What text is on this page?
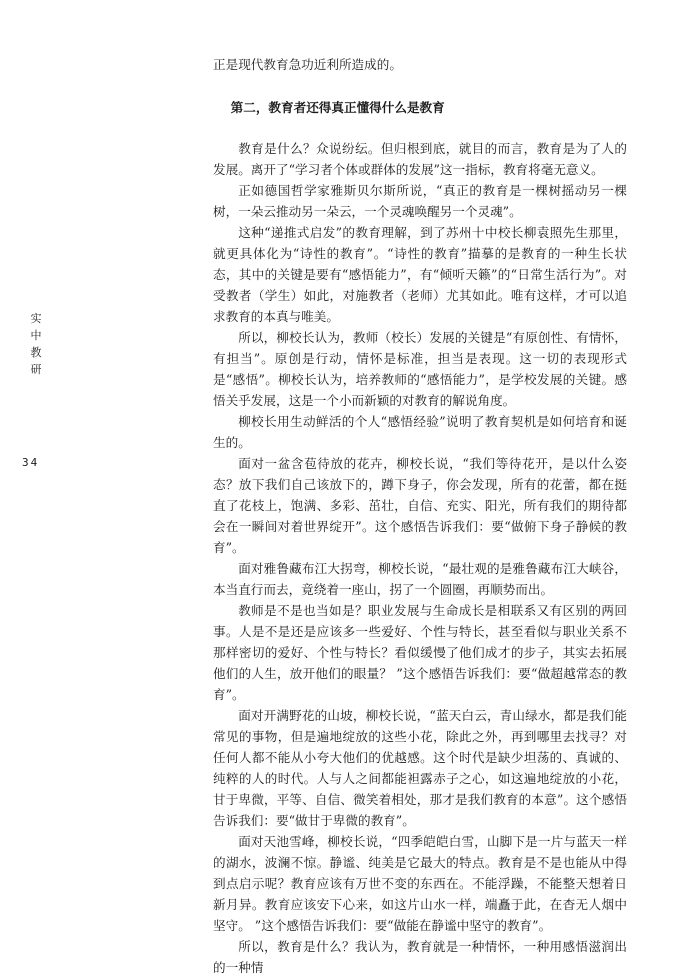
实
中
教
研
34

正是现代教育急功近利所造成的。

第二，教育者还得真正懂得什么是教育

教育是什么？众说纷纭。但归根到底，就目的而言，教育是为了人的发展。离开了“学习者个体或群体的发展”这一指标，教育将毫无意义。

正如德国哲学家雅斯贝尔斯所说，“真正的教育是一棵树摇动另一棵树，一朵云推动另一朵云，一个灵魂唤醒另一个灵魂”。

这种“递推式启发”的教育理解，到了苏州十中校长柳袁照先生那里，就更具体化为“诗性的教育”。“诗性的教育”描摹的是教育的一种生长状态，其中的关键是要有“感悟能力”，有“倾听天籁”的“日常生活行为”。对受教者（学生）如此，对施教者（老师）尤其如此。唯有这样，才可以追求教育的本真与唯美。

所以，柳校长认为，教师（校长）发展的关键是“有原创性、有情怀，有担当”。原创是行动，情怀是标准，担当是表现。这一切的表现形式是“感悟”。柳校长认为，培养教师的“感悟能力”，是学校发展的关键。感悟关乎发展，这是一个小而新颖的对教育的解说角度。

柳校长用生动鲜活的个人“感悟经验”说明了教育契机是如何培育和诞生的。

面对一盆含苞待放的花卉，柳校长说，“我们等待花开，是以什么姿态？放下我们自己该放下的，蹲下身子，你会发现，所有的花蕾，都在挺直了花枝上，饱满、多彩、茁壮，自信、充实、阳光，所有我们的期待都会在一瞬间对着世界绽开”。这个感悟告诉我们：要“做俯下身子静候的教育”。

面对雅鲁藏布江大拐弯，柳校长说，“最壮观的是雅鲁藏布江大峡谷，本当直行而去，竟绕着一座山，拐了一个圆圈，再顺势而出。

教师是不是也当如是？职业发展与生命成长是相联系又有区别的两回事。人是不是还是应该多一些爱好、个性与特长，甚至看似与职业关系不那样密切的爱好、个性与特长？看似缓慢了他们成才的步子，其实去拓展他们的人生，放开他们的眼量？ ”这个感悟告诉我们：要“做超越常态的教育”。

面对开满野花的山坡，柳校长说，“蓝天白云，青山绿水，都是我们能常见的事物，但是遍地绽放的这些小花，除此之外，再到哪里去找寻？对任何人都不能从小夸大他们的优越感。这个时代是缺少坦荡的、真诚的、纯粹的人的时代。人与人之间都能袒露赤子之心，如这遍地绽放的小花，甘于卑微，平等、自信、微笑着相处，那才是我们教育的本意”。这个感悟告诉我们：要“做甘于卑微的教育”。

面对天池雪峰，柳校长说，“四季皑皑白雪，山脚下是一片与蓝天一样的湖水，波澜不惊。静谧、纯美是它最大的特点。教育是不是也能从中得到点启示呢？教育应该有万世不变的东西在。不能浮躁，不能整天想着日新月异。教育应该安下心来，如这片山水一样，端矗于此，在杳无人烟中坚守。 ”这个感悟告诉我们：要“做能在静谧中坚守的教育”。

所以，教育是什么？我认为，教育就是一种情怀，一种用感悟滋润出的一种情
